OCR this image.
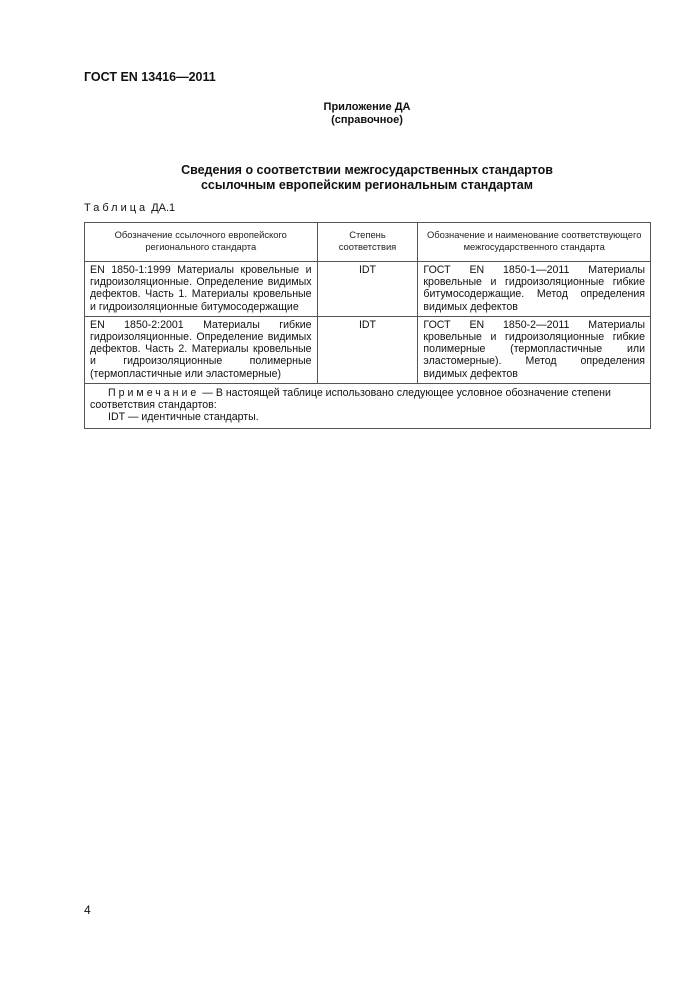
ГОСТ EN 13416—2011
Приложение ДА
(справочное)
Сведения о соответствии межгосударственных стандартов
ссылочным европейским региональным стандартам
Таблица ДА.1
Обозначение ссылочного европейского регионального стандарта	Степень соответствия	Обозначение и наименование соответствующего межгосударственного стандарта
EN 1850-1:1999 Материалы кровельные и гидроизоляционные. Определение видимых дефектов. Часть 1. Материалы кровельные и гидроизоляционные битумосодержащие	IDT	ГОСТ EN 1850-1—2011 Материалы кровельные и гидроизоляционные гибкие битумосодержащие. Метод определения видимых дефектов
EN 1850-2:2001 Материалы гибкие гидроизоляционные. Определение видимых дефектов. Часть 2. Материалы кровельные и гидроизоляционные полимерные (термопластичные или эластомерные)	IDT	ГОСТ EN 1850-2—2011 Материалы кровельные и гидроизоляционные гибкие полимерные (термопластичные или эластомерные). Метод определения видимых дефектов

Примечание — В настоящей таблице использовано следующее условное обозначение степени соответствия стандартов:
IDT — идентичные стандарты.		
4
